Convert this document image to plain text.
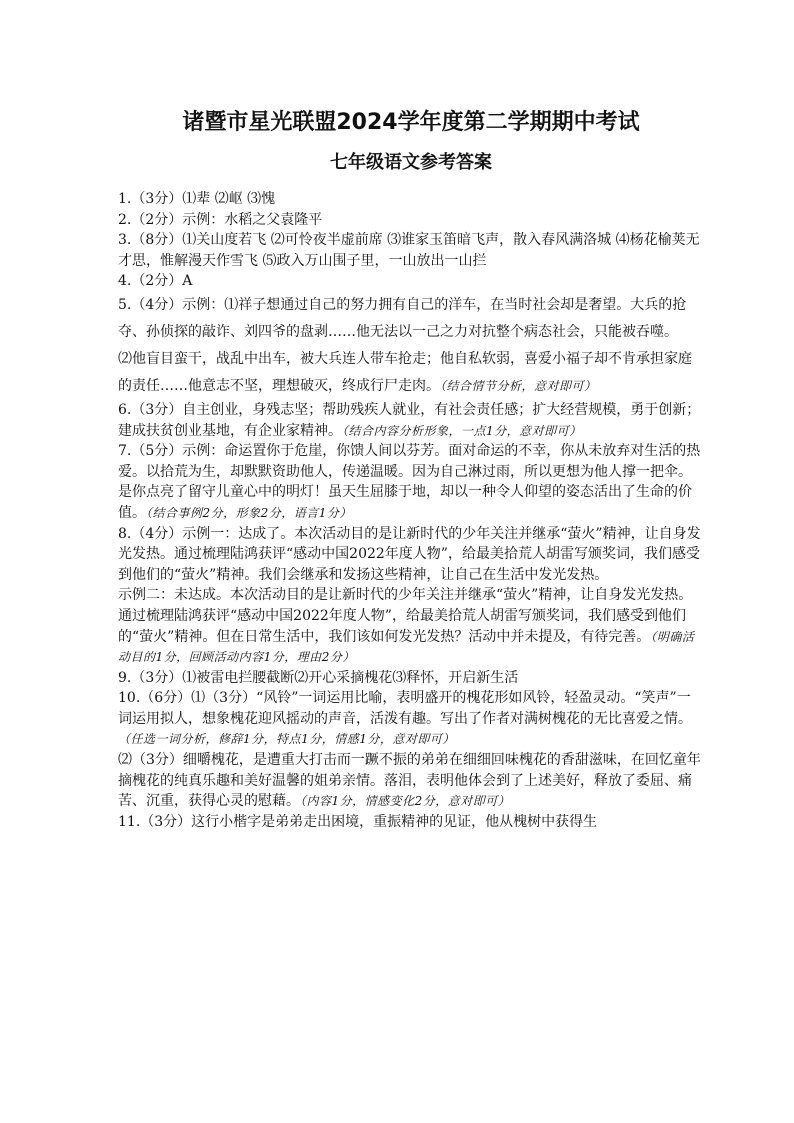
诸暨市星光联盟2024学年度第二学期期中考试
七年级语文参考答案

1.（3分）⑴辈 ⑵岖 ⑶愧

2.（2分）示例：水稻之父袁隆平

3.（8分）⑴关山度若飞 ⑵可怜夜半虚前席 ⑶谁家玉笛暗飞声，散入春风满洛城 ⑷杨花榆荚无才思，惟解漫天作雪飞 ⑸政入万山围子里，一山放出一山拦

4.（2分）A

5.（4分）示例：⑴祥子想通过自己的努力拥有自己的洋车，在当时社会却是奢望。大兵的抢夺、孙侦探的敲诈、刘四爷的盘剥……他无法以一己之力对抗整个病态社会，只能被吞噬。

⑵他盲目蛮干，战乱中出车，被大兵连人带车抢走；他自私软弱，喜爱小福子却不肯承担家庭的责任……他意志不坚，理想破灭，终成行尸走肉。（结合情节分析，意对即可）

6.（3分）自主创业，身残志坚；帮助残疾人就业，有社会责任感；扩大经营规模，勇于创新；建成扶贫创业基地，有企业家精神。（结合内容分析形象，一点1分，意对即可）

7.（5分）示例：命运置你于危崖，你馈人间以芬芳。面对命运的不幸，你从未放弃对生活的热爱。以拾荒为生，却默默资助他人，传递温暖。因为自己淋过雨，所以更想为他人撑一把伞。是你点亮了留守儿童心中的明灯！虽天生屈膝于地，却以一种令人仰望的姿态活出了生命的价值。（结合事例2分，形象2分，语言1分）

8.（4分）示例一：达成了。本次活动目的是让新时代的少年关注并继承“萤火”精神，让自身发光发热。通过梳理陆鸿获评“感动中国2022年度人物”，给最美拾荒人胡雷写颁奖词，我们感受到他们的“萤火”精神。我们会继承和发扬这些精神，让自己在生活中发光发热。

示例二：未达成。本次活动目的是让新时代的少年关注并继承“萤火”精神，让自身发光发热。通过梳理陆鸿获评“感动中国2022年度人物”，给最美拾荒人胡雷写颁奖词，我们感受到他们的“萤火”精神。但在日常生活中，我们该如何发光发热？活动中并未提及，有待完善。（明确活动目的1分，回顾活动内容1分，理由2分）

9.（3分）⑴被雷电拦腰截断⑵开心采摘槐花⑶释怀，开启新生活

10.（6分）⑴（3分）“风铃”一词运用比喻，表明盛开的槐花形如风铃，轻盈灵动。“笑声”一词运用拟人，想象槐花迎风摇动的声音，活泼有趣。写出了作者对满树槐花的无比喜爱之情。（任选一词分析，修辞1分，特点1分，情感1分，意对即可）

⑵（3分）细嚼槐花，是遭重大打击而一蹶不振的弟弟在细细回味槐花的香甜滋味，在回忆童年摘槐花的纯真乐趣和美好温馨的姐弟亲情。落泪，表明他体会到了上述美好，释放了委屈、痛苦、沉重，获得心灵的慰藉。（内容1分，情感变化2分，意对即可）

11.（3分）这行小楷字是弟弟走出困境，重振精神的见证，他从槐树中获得生
